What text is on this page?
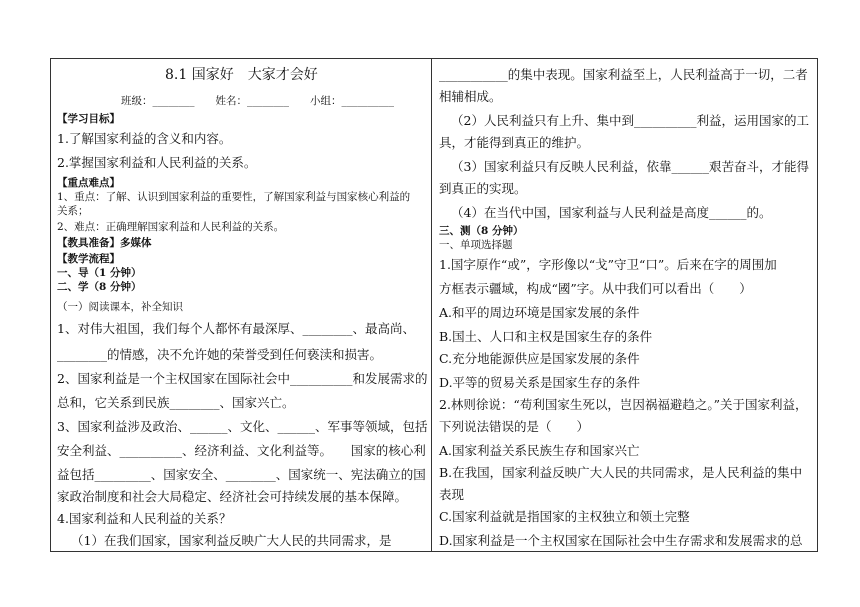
8.1 国家好　大家才会好
班级：________　　姓名：________　　小组：__________
【学习目标】
1.了解国家利益的含义和内容。
2.掌握国家利益和人民利益的关系。
【重点难点】
1、重点：了解、认识到国家利益的重要性，了解国家利益与国家核心利益的
关系；
2、难点：正确理解国家利益和人民利益的关系。
【教具准备】多媒体
【教学流程】
一、导（1 分钟）
二、学（8 分钟）
（一）阅读课本，补全知识
1、对伟大祖国，我们每个人都怀有最深厚、________、最高尚、
________的情感，决不允许她的荣誉受到任何亵渎和损害。
2、国家利益是一个主权国家在国际社会中__________和发展需求的
总和，它关系到民族________、国家兴亡。
3、国家利益涉及政治、______、文化、______、军事等领域，包括
安全利益、__________、经济利益、文化利益等。　　国家的核心利
益包括_________、国家安全、________、国家统一、宪法确立的国
家政治制度和社会大局稳定、经济社会可持续发展的基本保障。
4.国家利益和人民利益的关系？
（1）在我们国家，国家利益反映广大人民的共同需求，是
___________的集中表现。国家利益至上，人民利益高于一切，二者
相辅相成。
（2）人民利益只有上升、集中到__________利益，运用国家的工
具，才能得到真正的维护。
（3）国家利益只有反映人民利益，依靠______艰苦奋斗，才能得
到真正的实现。
（4）在当代中国，国家利益与人民利益是高度______的。
三、测（8 分钟）
一、单项选择题
1.国字原作“或”，字形像以“戈”守卫“口”。后来在字的周围加
方框表示疆域，构成“國”字。从中我们可以看出（　　）
A.和平的周边环境是国家发展的条件
B.国土、人口和主权是国家生存的条件
C.充分地能源供应是国家发展的条件
D.平等的贸易关系是国家生存的条件
2.林则徐说：“苟利国家生死以，岂因祸福避趋之。”关于国家利益，
下列说法错误的是（　　）
A.国家利益关系民族生存和国家兴亡
B.在我国，国家利益反映广大人民的共同需求，是人民利益的集中
表现
C.国家利益就是指国家的主权独立和领土完整
D.国家利益是一个主权国家在国际社会中生存需求和发展需求的总
